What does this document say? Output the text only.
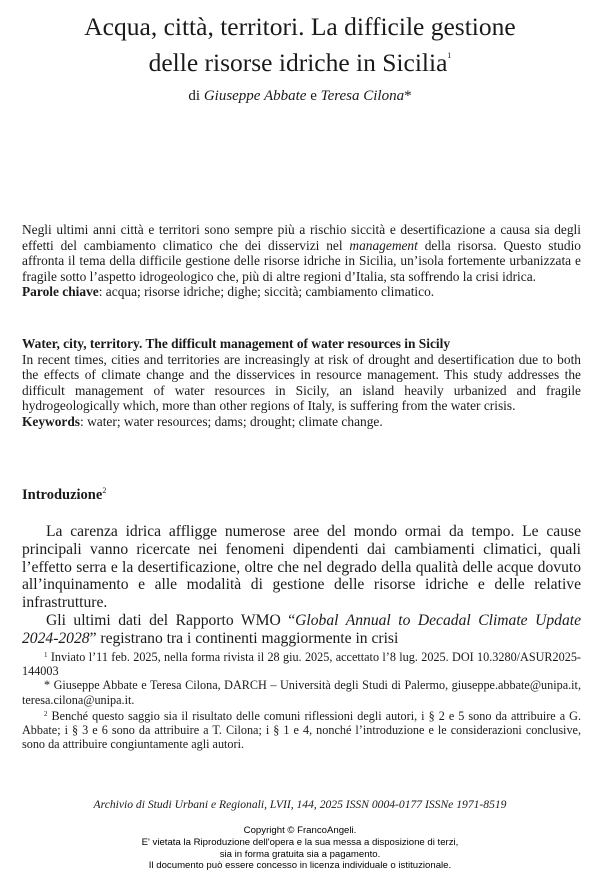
Acqua, città, territori. La difficile gestione
delle risorse idriche in Sicilia$^1$
di Giuseppe Abbate e Teresa Cilona*

Negli ultimi anni città e territori sono sempre più a rischio siccità e desertificazione a causa sia degli effetti del cambiamento climatico che dei disservizi nel management della risorsa. Questo studio affronta il tema della difficile gestione delle risorse idriche in Sicilia, un’isola fortemente urbanizzata e fragile sotto l’aspetto idrogeologico che, più di altre regioni d’Italia, sta soffrendo la crisi idrica.

Parole chiave: acqua; risorse idriche; dighe; siccità; cambiamento climatico.

Water, city, territory. The difficult management of water resources in Sicily

In recent times, cities and territories are increasingly at risk of drought and desertification due to both the effects of climate change and the disservices in resource management. This study addresses the difficult management of water resources in Sicily, an island heavily urbanized and fragile hydrogeologically which, more than other regions of Italy, is suffering from the water crisis.

Keywords: water; water resources; dams; drought; climate change.

Introduzione$^2$

La carenza idrica affligge numerose aree del mondo ormai da tempo. Le cause principali vanno ricercate nei fenomeni dipendenti dai cambiamenti climatici, quali l’effetto serra e la desertificazione, oltre che nel degrado della qualità delle acque dovuto all’inquinamento e alle modalità di gestione delle risorse idriche e delle relative infrastrutture.

Gli ultimi dati del Rapporto WMO “Global Annual to Decadal Climate Update 2024-2028” registrano tra i continenti maggiormente in crisi

$^1$ Inviato l’11 feb. 2025, nella forma rivista il 28 giu. 2025, accettato l’8 lug. 2025. DOI 10.3280/ASUR2025-144003

* Giuseppe Abbate e Teresa Cilona, DARCH – Università degli Studi di Palermo, giuseppe.abbate@unipa.it, teresa.cilona@unipa.it.

$^2$ Benché questo saggio sia il risultato delle comuni riflessioni degli autori, i § 2 e 5 sono da attribuire a G. Abbate; i § 3 e 6 sono da attribuire a T. Cilona; i § 1 e 4, nonché l’introduzione e le considerazioni conclusive, sono da attribuire congiuntamente agli autori.

Archivio di Studi Urbani e Regionali, LVII, 144, 2025 ISSN 0004-0177 ISSNe 1971-8519
Copyright © FrancoAngeli.
E' vietata la Riproduzione dell'opera e la sua messa a disposizione di terzi,
sia in forma gratuita sia a pagamento.
Il documento può essere concesso in licenza individuale o istituzionale.
